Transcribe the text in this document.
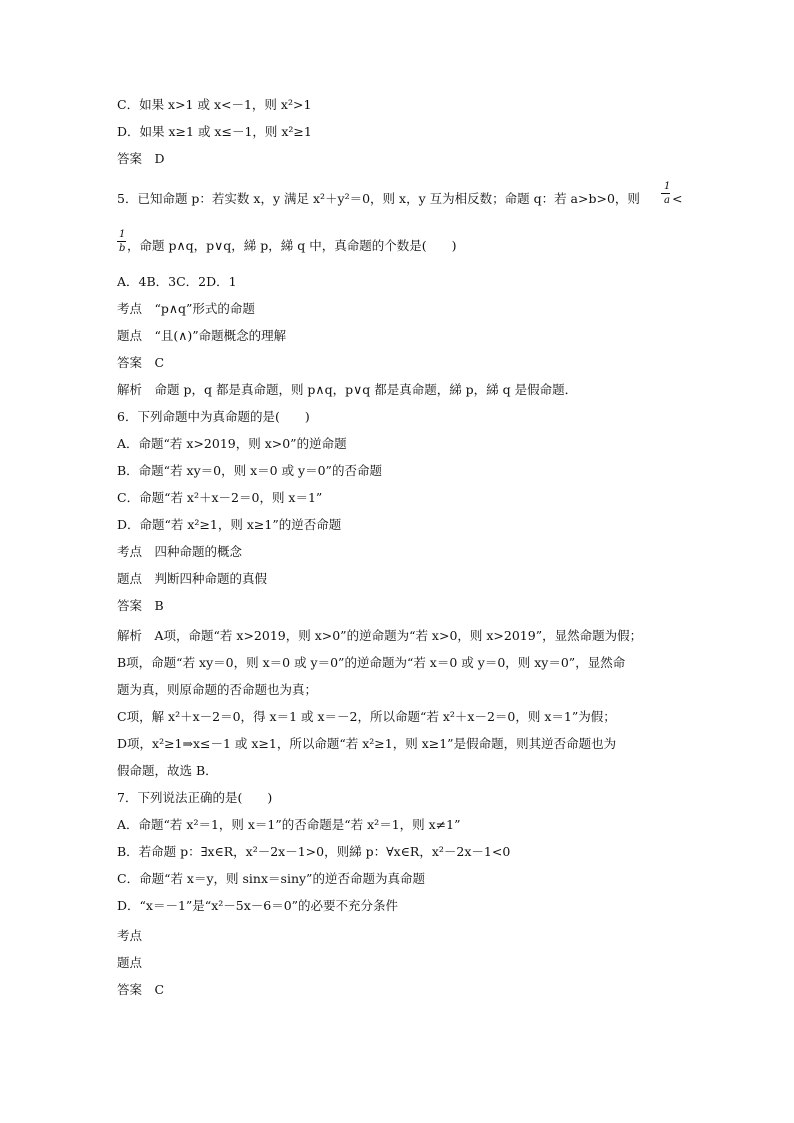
C．如果 x>1 或 x<－1，则 x²>1
D．如果 x≥1 或 x≤－1，则 x²≥1
答案　D
5．已知命题 p：若实数 x，y 满足 x²＋y²＝0，则 x，y 互为相反数；命题 q：若 a>b>0，则
1
a <
1
b ，命题 p∧q，p∨q，綈 p，綈 q 中，真命题的个数是(　　)
A．4B．3C．2D．1
考点　“p∧q”形式的命题
题点　“且(∧)”命题概念的理解
答案　C
解析　命题 p，q 都是真命题，则 p∧q，p∨q 都是真命题，綈 p，綈 q 是假命题．
6．下列命题中为真命题的是(　　)
A．命题“若 x>2019，则 x>0”的逆命题
B．命题“若 xy＝0，则 x＝0 或 y＝0”的否命题
C．命题“若 x²＋x－2＝0，则 x＝1”
D．命题“若 x²≥1，则 x≥1”的逆否命题
考点　四种命题的概念
题点　判断四种命题的真假
答案　B
解析　A项，命题“若 x>2019，则 x>0”的逆命题为“若 x>0，则 x>2019”，显然命题为假；
B项，命题“若 xy＝0，则 x＝0 或 y＝0”的逆命题为“若 x＝0 或 y＝0，则 xy＝0”，显然命
题为真，则原命题的否命题也为真；
C项，解 x²＋x－2＝0，得 x＝1 或 x＝－2，所以命题“若 x²＋x－2＝0，则 x＝1”为假；
D项，x²≥1⇒x≤－1 或 x≥1，所以命题“若 x²≥1，则 x≥1”是假命题，则其逆否命题也为
假命题，故选 B．
7．下列说法正确的是(　　)
A．命题“若 x²＝1，则 x＝1”的否命题是“若 x²＝1，则 x≠1”
B．若命题 p：∃x∈R，x²－2x－1>0，则綈 p：∀x∈R，x²－2x－1<0
C．命题“若 x＝y，则 sinx＝siny”的逆否命题为真命题
D．“x＝－1”是“x²－5x－6＝0”的必要不充分条件
考点
题点
答案　C
